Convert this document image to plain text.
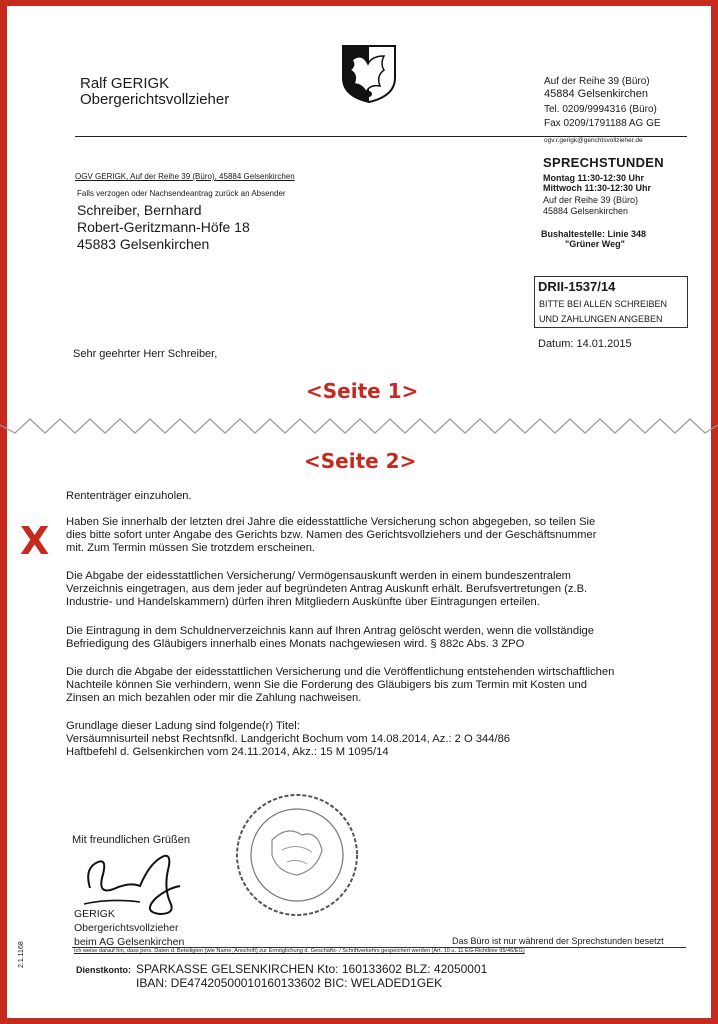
Ralf GERIGK
Obergerichtsvollzieher
Auf der Reihe 39 (Büro)
45884 Gelsenkirchen
Tel. 0209/9994316 (Büro)
Fax 0209/1791188 AG GE
ogv.r.gerigk@gerichtsvollzieher.de
OGV GERIGK, Auf der Reihe 39 (Büro), 45884 Gelsenkirchen
Falls verzogen oder Nachsendeantrag zurück an Absender
Schreiber, Bernhard
Robert-Geritzmann-Höfe 18
45883 Gelsenkirchen
SPRECHSTUNDEN
Montag 11:30-12:30 Uhr
Mittwoch 11:30-12:30 Uhr
Auf der Reihe 39 (Büro)
45884 Gelsenkirchen
Bushaltestelle: Linie 348
"Grüner Weg"
DRII-1537/14
BITTE BEI ALLEN SCHREIBEN
UND ZAHLUNGEN ANGEBEN
Datum: 14.01.2015
Sehr geehrter Herr Schreiber,
<Seite 1>
<Seite 2>
Rententräger einzuholen.
X Haben Sie innerhalb der letzten drei Jahre die eidesstattliche Versicherung schon abgegeben, so teilen Sie
dies bitte sofort unter Angabe des Gerichts bzw. Namen des Gerichtsvollziehers und der Geschäftsnummer
mit. Zum Termin müssen Sie trotzdem erscheinen.
Die Abgabe der eidesstattlichen Versicherung/ Vermögensauskunft werden in einem bundeszentralem
Verzeichnis eingetragen, aus dem jeder auf begründeten Antrag Auskunft erhält. Berufsvertretungen (z.B.
Industrie- und Handelskammern) dürfen ihren Mitgliedern Auskünfte über Eintragungen erteilen.
Die Eintragung in dem Schuldnerverzeichnis kann auf Ihren Antrag gelöscht werden, wenn die vollständige
Befriedigung des Gläubigers innerhalb eines Monats nachgewiesen wird. § 882c Abs. 3 ZPO
Die durch die Abgabe der eidesstattlichen Versicherung und die Veröffentlichung entstehenden wirtschaftlichen
Nachteile können Sie verhindern, wenn Sie die Forderung des Gläubigers bis zum Termin mit Kosten und
Zinsen an mich bezahlen oder mir die Zahlung nachweisen.
Grundlage dieser Ladung sind folgende(r) Titel:
Versäumnisurteil nebst Rechtsnfkl. Landgericht Bochum vom 14.08.2014, Az.: 2 O 344/86
Haftbefehl d. Gelsenkirchen vom 24.11.2014, Akz.: 15 M 1095/14
Mit freundlichen Grüßen
GERIGK
Obergerichtsvollzieher
beim AG Gelsenkirchen
2.1.1168
Das Büro ist nur während der Sprechstunden besetzt
Ich weise darauf hin, dass pers. Daten d. Beteiligten (wie Name, Anschrift) zur Ermöglichung d. Geschäfts- / Schriftverkehrs gespeichert werden (Art. 10 u. 11 EG-Richtlinie 95/46/EG)
Dienstkonto: SPARKASSE GELSENKIRCHEN Kto: 160133602 BLZ: 42050001
IBAN: DE47420500010160133602 BIC: WELADED1GEK
